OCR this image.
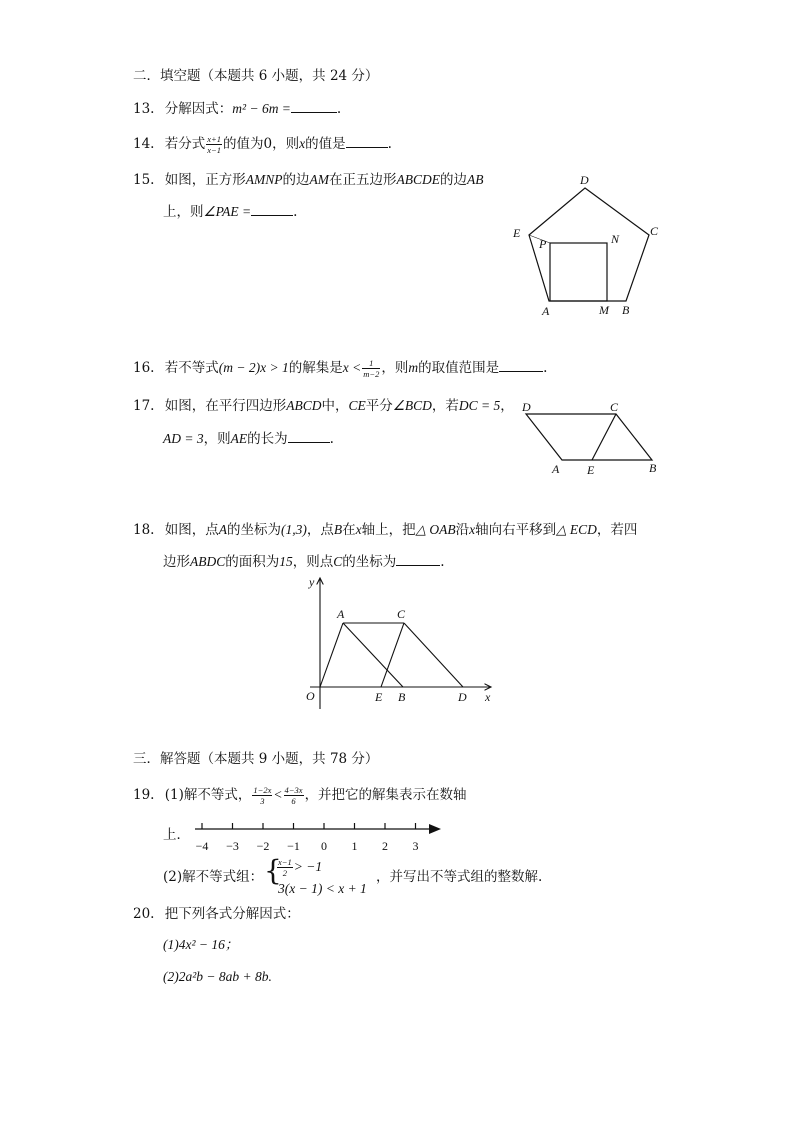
二．填空题（本题共 6 小题，共 24 分）
13. 分解因式：m² − 6m =	.
14. 若分式 $\frac{x+1}{x-1}$ 的值为0，则x的值是	.
15. 如图，正方形AMNP的边AM在正五边形ABCDE的边AB
上，则∠PAE =	.
D
E	C
P	N
A	M B
16. 若不等式(m − 2)x > 1的解集是$x < \frac{1}{m-2}$ ，则m的取值范围是	.
17. 如图，在平行四边形ABCD中，CE平分∠BCD，若DC = 5，
AD = 3，则AE的长为	.
D	C
A E	B
18. 如图，点A的坐标为(1,3)，点B在x轴上，把△ OAB沿x轴向右平移到△ ECD，若四
边形ABDC的面积为15，则点C的坐标为	.
y
A	C
O	E B	D x
三．解答题（本题共 9 小题，共 78 分）
19. (1)解不等式， $\frac{1-2x}{3} < \frac{4-3x}{6}$ ，并把它的解集表示在数轴
上．
−4 −3 −2 −1 0 1 2 3
(2)解不等式组： {
$\frac{x-1}{2} > -1$
3(x − 1) < x + 1
，并写出不等式组的整数解.
20. 把下列各式分解因式：
(1)4x² − 16；
(2)2a²b − 8ab + 8b.
